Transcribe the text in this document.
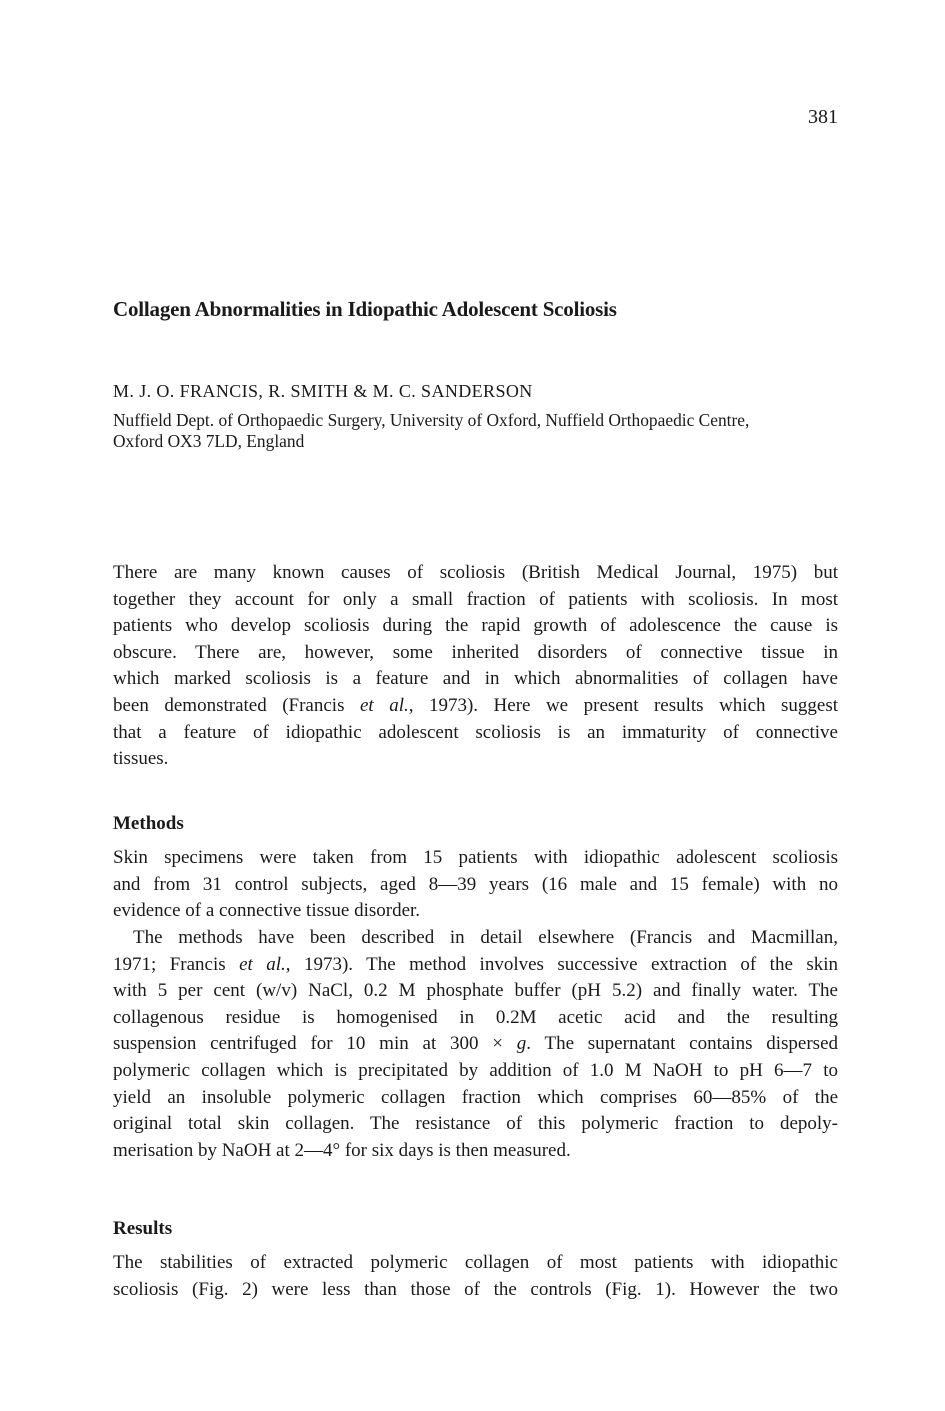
381
Collagen Abnormalities in Idiopathic Adolescent Scoliosis
M. J. O. FRANCIS, R. SMITH & M. C. SANDERSON
Nuffield Dept. of Orthopaedic Surgery, University of Oxford, Nuffield Orthopaedic Centre,
Oxford OX3 7LD, England
There are many known causes of scoliosis (British Medical Journal, 1975) but
together they account for only a small fraction of patients with scoliosis. In most
patients who develop scoliosis during the rapid growth of adolescence the cause is
obscure. There are, however, some inherited disorders of connective tissue in
which marked scoliosis is a feature and in which abnormalities of collagen have
been demonstrated (Francis et al., 1973). Here we present results which suggest
that a feature of idiopathic adolescent scoliosis is an immaturity of connective
tissues.
Methods
Skin specimens were taken from 15 patients with idiopathic adolescent scoliosis
and from 31 control subjects, aged 8—39 years (16 male and 15 female) with no
evidence of a connective tissue disorder.
The methods have been described in detail elsewhere (Francis and Macmillan,
1971; Francis et al., 1973). The method involves successive extraction of the skin
with 5 per cent (w/v) NaCl, 0.2 M phosphate buffer (pH 5.2) and finally water. The
collagenous residue is homogenised in 0.2M acetic acid and the resulting
suspension centrifuged for 10 min at 300 × g. The supernatant contains dispersed
polymeric collagen which is precipitated by addition of 1.0 M NaOH to pH 6—7 to
yield an insoluble polymeric collagen fraction which comprises 60—85% of the
original total skin collagen. The resistance of this polymeric fraction to depoly-
merisation by NaOH at 2—4° for six days is then measured.
Results
The stabilities of extracted polymeric collagen of most patients with idiopathic
scoliosis (Fig. 2) were less than those of the controls (Fig. 1). However the two
